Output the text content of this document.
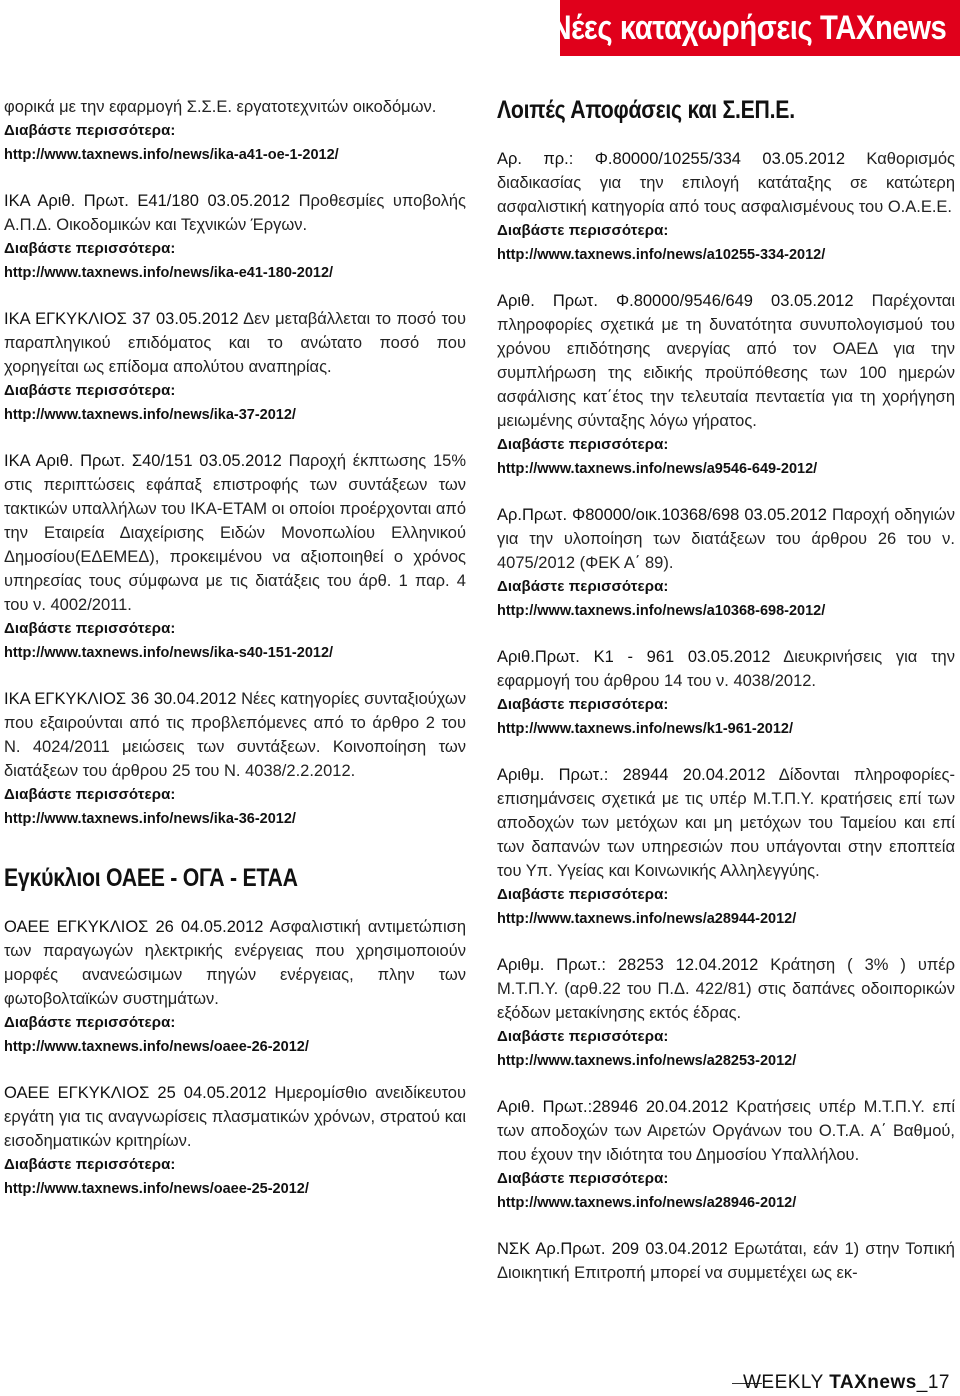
Νέες καταχωρήσεις TAXnews
φορικά με την εφαρμογή Σ.Σ.Ε. εργατοτεχνιτών οικοδόμων.
Διαβάστε περισσότερα:
http://www.taxnews.info/news/ika-a41-oe-1-2012/
ΙΚΑ Αριθ. Πρωτ. Ε41/180 03.05.2012 Προθεσμίες υποβολής Α.Π.Δ. Οικοδομικών και Τεχνικών Έργων.
Διαβάστε περισσότερα:
http://www.taxnews.info/news/ika-e41-180-2012/
ΙΚΑ ΕΓΚΥΚΛΙΟΣ 37 03.05.2012 Δεν μεταβάλλεται το ποσό του παραπληγικού επιδόματος και το ανώτατο ποσό που χορηγείται ως επίδομα απολύτου αναπηρίας.
Διαβάστε περισσότερα:
http://www.taxnews.info/news/ika-37-2012/
ΙΚΑ Αριθ. Πρωτ. Σ40/151 03.05.2012 Παροχή έκπτωσης 15% στις περιπτώσεις εφάπαξ επιστροφής των συντάξεων των τακτικών υπαλλήλων του ΙΚΑ-ΕΤΑΜ οι οποίοι προέρχονται από την Εταιρεία Διαχείρισης Ειδών Μονοπωλίου Ελληνικού Δημοσίου(ΕΔΕΜΕΔ), προκειμένου να αξιοποιηθεί ο χρόνος υπηρεσίας τους σύμφωνα με τις διατάξεις του άρθ. 1 παρ. 4 του ν. 4002/2011.
Διαβάστε περισσότερα:
http://www.taxnews.info/news/ika-s40-151-2012/
ΙΚΑ ΕΓΚΥΚΛΙΟΣ 36 30.04.2012 Νέες κατηγορίες συνταξιούχων που εξαιρούνται από τις προβλεπόμενες από το άρθρο 2 του Ν. 4024/2011 μειώσεις των συντάξεων. Κοινοποίηση των διατάξεων του άρθρου 25 του Ν. 4038/2.2.2012.
Διαβάστε περισσότερα:
http://www.taxnews.info/news/ika-36-2012/
Εγκύκλιοι ΟΑΕΕ - ΟΓΑ - ΕΤΑΑ
ΟΑΕΕ ΕΓΚΥΚΛΙΟΣ 26 04.05.2012 Ασφαλιστική αντιμετώπιση των παραγωγών ηλεκτρικής ενέργειας που χρησιμοποιούν μορφές ανανεώσιμων πηγών ενέργειας, πλην των φωτοβολταϊκών συστημάτων.
Διαβάστε περισσότερα:
http://www.taxnews.info/news/oaee-26-2012/
ΟΑΕΕ ΕΓΚΥΚΛΙΟΣ 25 04.05.2012 Ημερομίσθιο ανειδίκευτου εργάτη για τις αναγνωρίσεις πλασματικών χρόνων, στρατού και εισοδηματικών κριτηρίων.
Διαβάστε περισσότερα:
http://www.taxnews.info/news/oaee-25-2012/
Λοιπές Αποφάσεις και Σ.ΕΠ.Ε.
Αρ. πρ.: Φ.80000/10255/334 03.05.2012 Καθορισμός διαδικασίας για την επιλογή κατάταξης σε κατώτερη ασφαλιστική κατηγορία από τους ασφαλισμένους του Ο.Α.Ε.Ε.
Διαβάστε περισσότερα:
http://www.taxnews.info/news/a10255-334-2012/
Αριθ. Πρωτ. Φ.80000/9546/649 03.05.2012 Παρέχονται πληροφορίες σχετικά με τη δυνατότητα συνυπολογισμού του χρόνου επιδότησης ανεργίας από τον ΟΑΕΔ για την συμπλήρωση της ειδικής προϋπόθεσης των 100 ημερών ασφάλισης κατ΄έτος την τελευταία πενταετία για τη χορήγηση μειωμένης σύνταξης λόγω γήρατος.
Διαβάστε περισσότερα:
http://www.taxnews.info/news/a9546-649-2012/
Αρ.Πρωτ. Φ80000/οικ.10368/698 03.05.2012 Παροχή οδηγιών για την υλοποίηση των διατάξεων του άρθρου 26 του ν. 4075/2012 (ΦΕΚ Α΄ 89).
Διαβάστε περισσότερα:
http://www.taxnews.info/news/a10368-698-2012/
Αριθ.Πρωτ. Κ1 - 961 03.05.2012 Διευκρινήσεις για την εφαρμογή του άρθρου 14 του ν. 4038/2012.
Διαβάστε περισσότερα:
http://www.taxnews.info/news/k1-961-2012/
Αριθμ. Πρωτ.: 28944 20.04.2012 Δίδονται πληροφορίες-επισημάνσεις σχετικά με τις υπέρ Μ.Τ.Π.Υ. κρατήσεις επί των αποδοχών των μετόχων και μη μετόχων του Ταμείου και επί των δαπανών των υπηρεσιών που υπάγονται στην εποπτεία του Υπ. Υγείας και Κοινωνικής Αλληλεγγύης.
Διαβάστε περισσότερα:
http://www.taxnews.info/news/a28944-2012/
Αριθμ. Πρωτ.: 28253 12.04.2012 Κράτηση ( 3% ) υπέρ Μ.Τ.Π.Υ. (αρθ.22 του Π.Δ. 422/81) στις δαπάνες οδοιπορικών εξόδων μετακίνησης εκτός έδρας.
Διαβάστε περισσότερα:
http://www.taxnews.info/news/a28253-2012/
Αριθ. Πρωτ.:28946 20.04.2012 Κρατήσεις υπέρ Μ.Τ.Π.Υ. επί των αποδοχών των Αιρετών Οργάνων του Ο.Τ.Α. Α΄ Βαθμού, που έχουν την ιδιότητα του Δημοσίου Υπαλλήλου.
Διαβάστε περισσότερα:
http://www.taxnews.info/news/a28946-2012/
ΝΣΚ Αρ.Πρωτ. 209 03.04.2012 Ερωτάται, εάν 1) στην Τοπική Διοικητική Επιτροπή μπορεί να συμμετέχει ως εκ-
WEEKLY TAXnews_17
